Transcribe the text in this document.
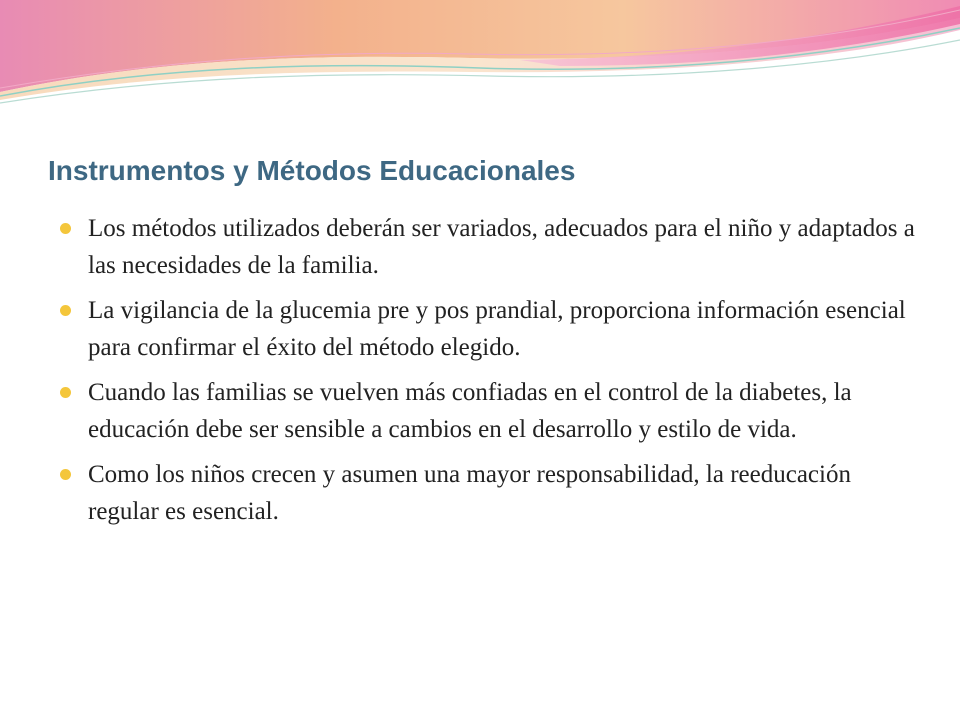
Instrumentos y Métodos Educacionales
Los métodos utilizados deberán ser variados, adecuados para el niño y adaptados a las necesidades de la familia.
La vigilancia de la glucemia pre y pos prandial, proporciona información esencial para confirmar el éxito del método elegido.
Cuando las familias se vuelven más confiadas en el control de la diabetes, la educación debe ser sensible a cambios en el desarrollo y estilo de vida.
Como los niños crecen y asumen una mayor responsabilidad, la reeducación regular es esencial.
